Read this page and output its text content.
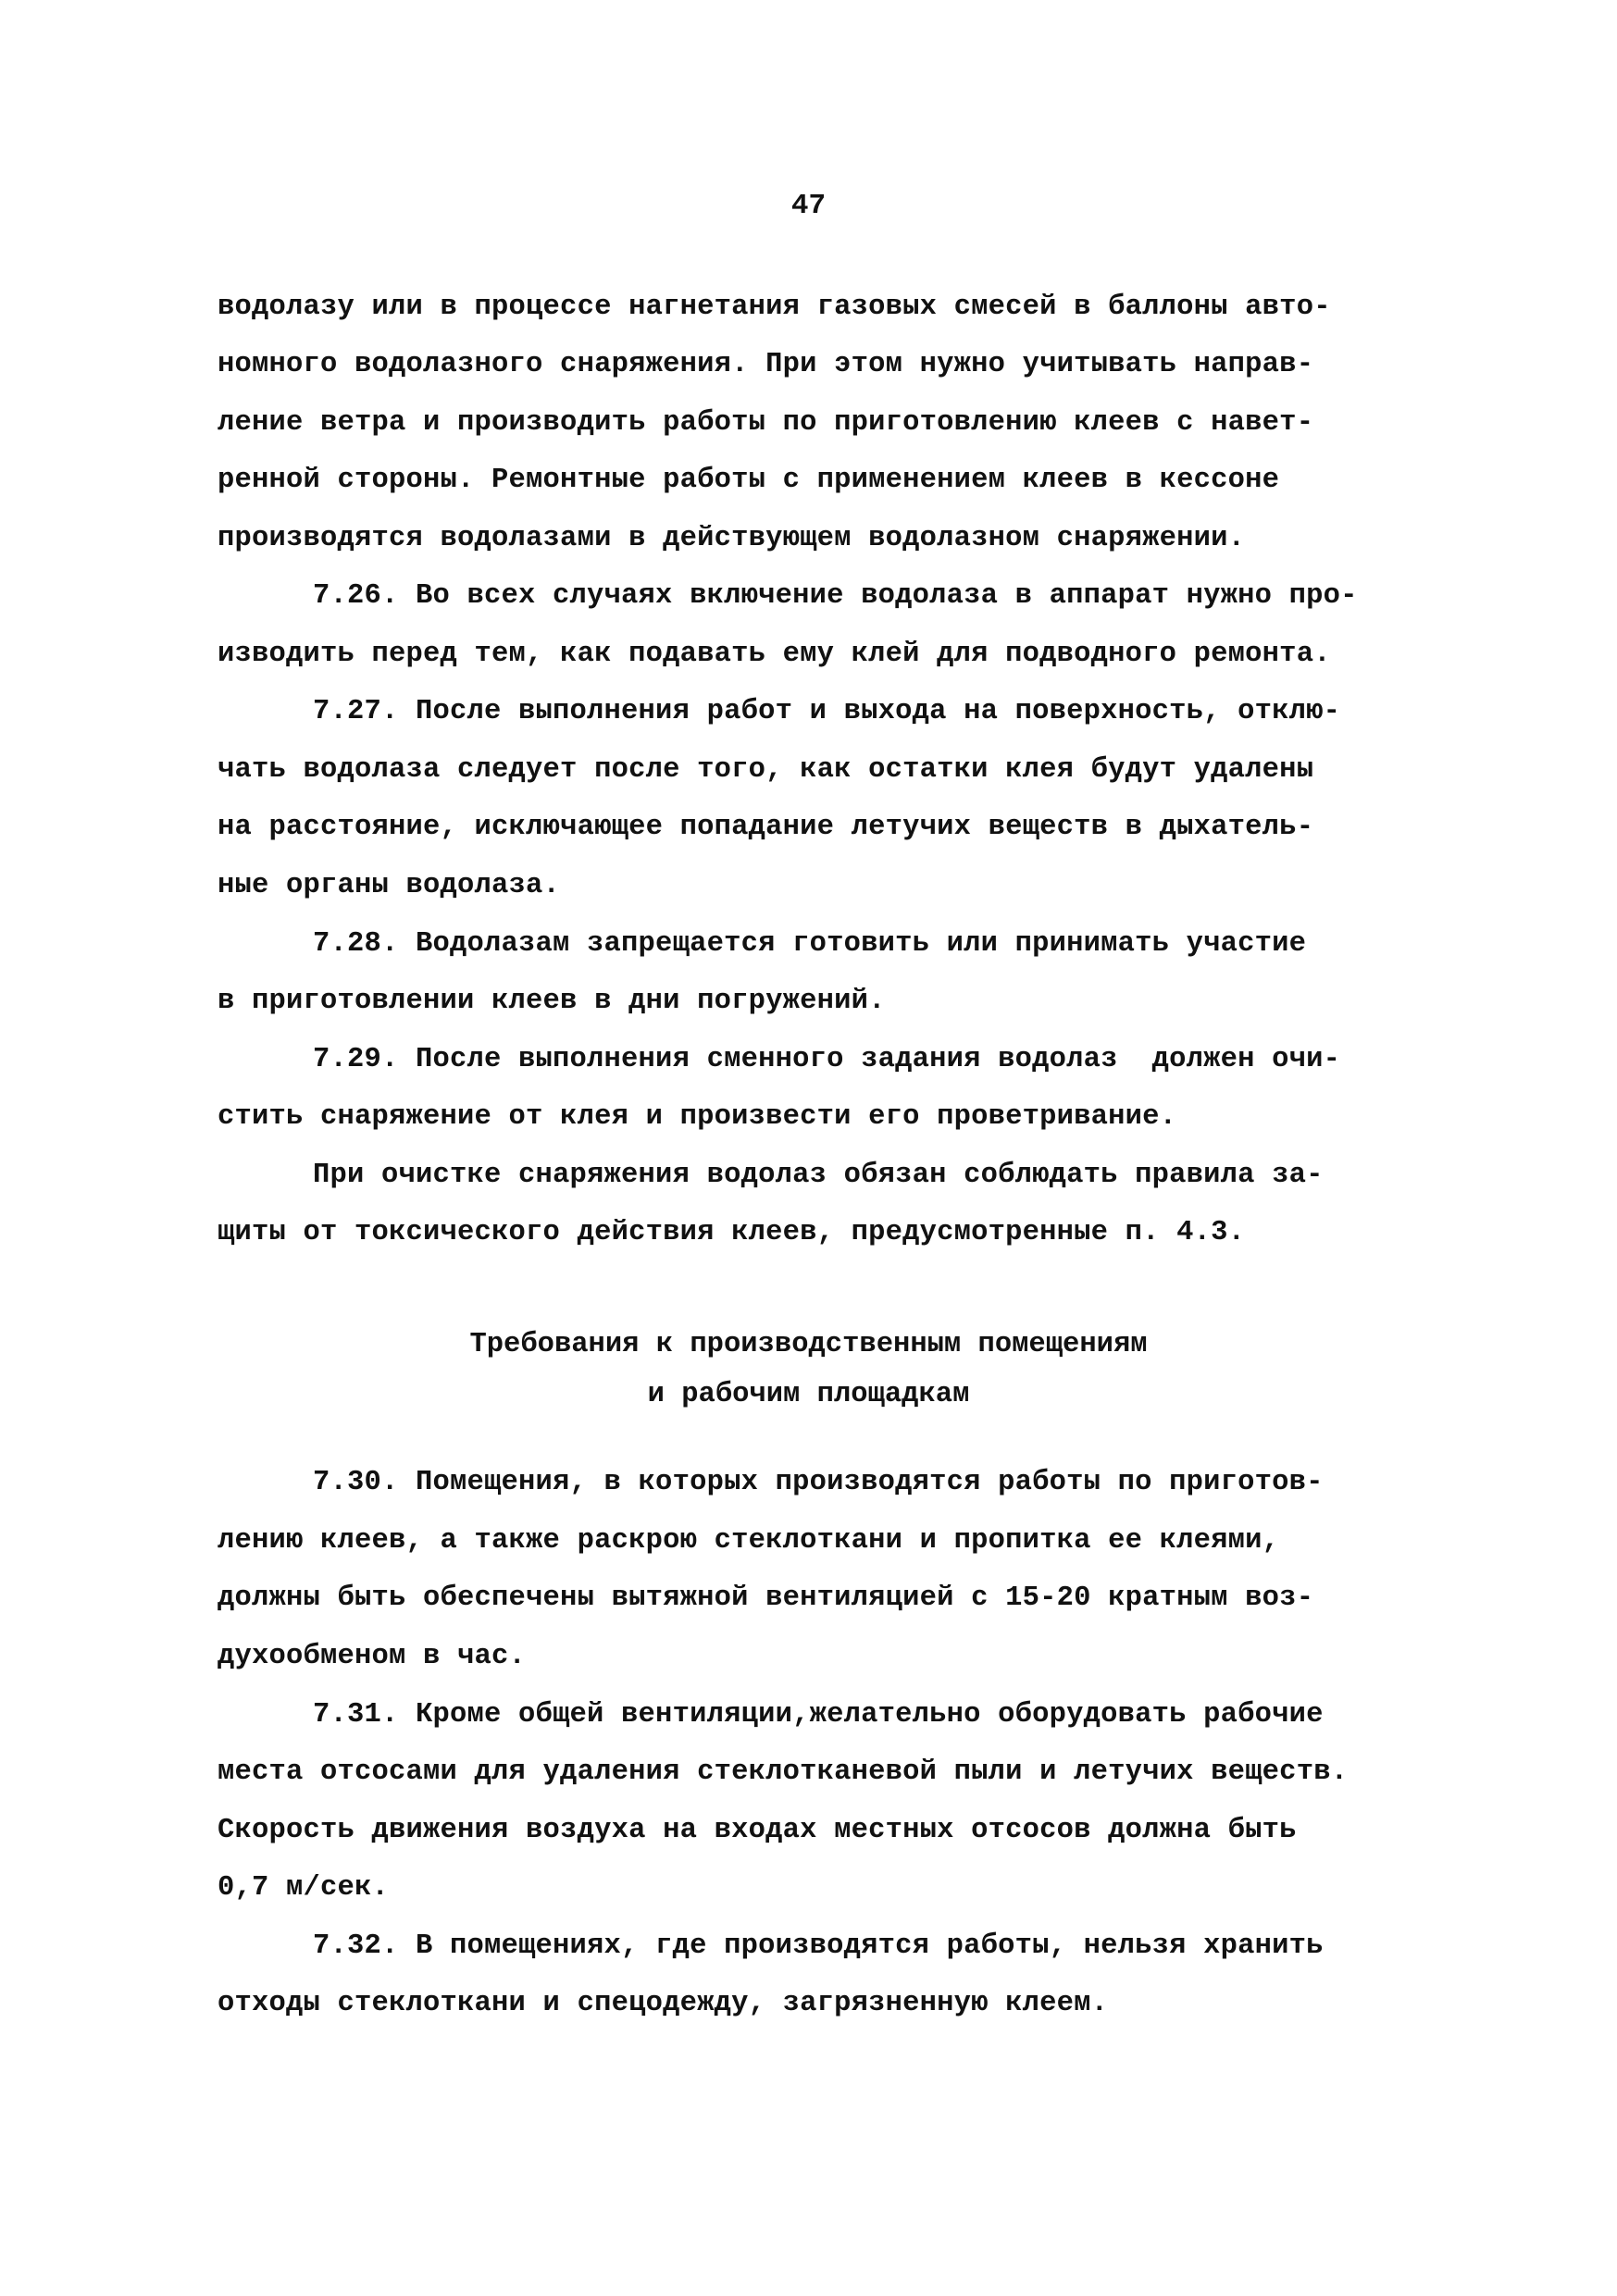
47
водолазу или в процессе нагнетания газовых смесей в баллоны авто-
номного водолазного снаряжения. При этом нужно учитывать направ-
ление ветра и производить работы по приготовлению клеев с навет-
ренной стороны. Ремонтные работы с применением клеев в кессоне
производятся водолазами в действующем водолазном снаряжении.
7.26. Во всех случаях включение водолаза в аппарат нужно про-
изводить перед тем, как подавать ему клей для подводного ремонта.
7.27. После выполнения работ и выхода на поверхность, отклю-
чать водолаза следует после того, как остатки клея будут удалены
на расстояние, исключающее попадание летучих веществ в дыхатель-
ные органы водолаза.
7.28. Водолазам запрещается готовить или принимать участие
в приготовлении клеев в дни погружений.
7.29. После выполнения сменного задания водолаз  должен очи-
стить снаряжение от клея и произвести его проветривание.
При очистке снаряжения водолаз обязан соблюдать правила за-
щиты от токсического действия клеев, предусмотренные п. 4.3.
Требования к производственным помещениям
и рабочим площадкам
7.30. Помещения, в которых производятся работы по приготов-
лению клеев, а также раскрою стеклоткани и пропитка ее клеями,
должны быть обеспечены вытяжной вентиляцией с 15-20 кратным воз-
духообменом в час.
7.31. Кроме общей вентиляции,желательно оборудовать рабочие
места отсосами для удаления стеклотканевой пыли и летучих веществ.
Скорость движения воздуха на входах местных отсосов должна быть
0,7 м/сек.
7.32. В помещениях, где производятся работы, нельзя хранить
отходы стеклоткани и спецодежду, загрязненную клеем.
